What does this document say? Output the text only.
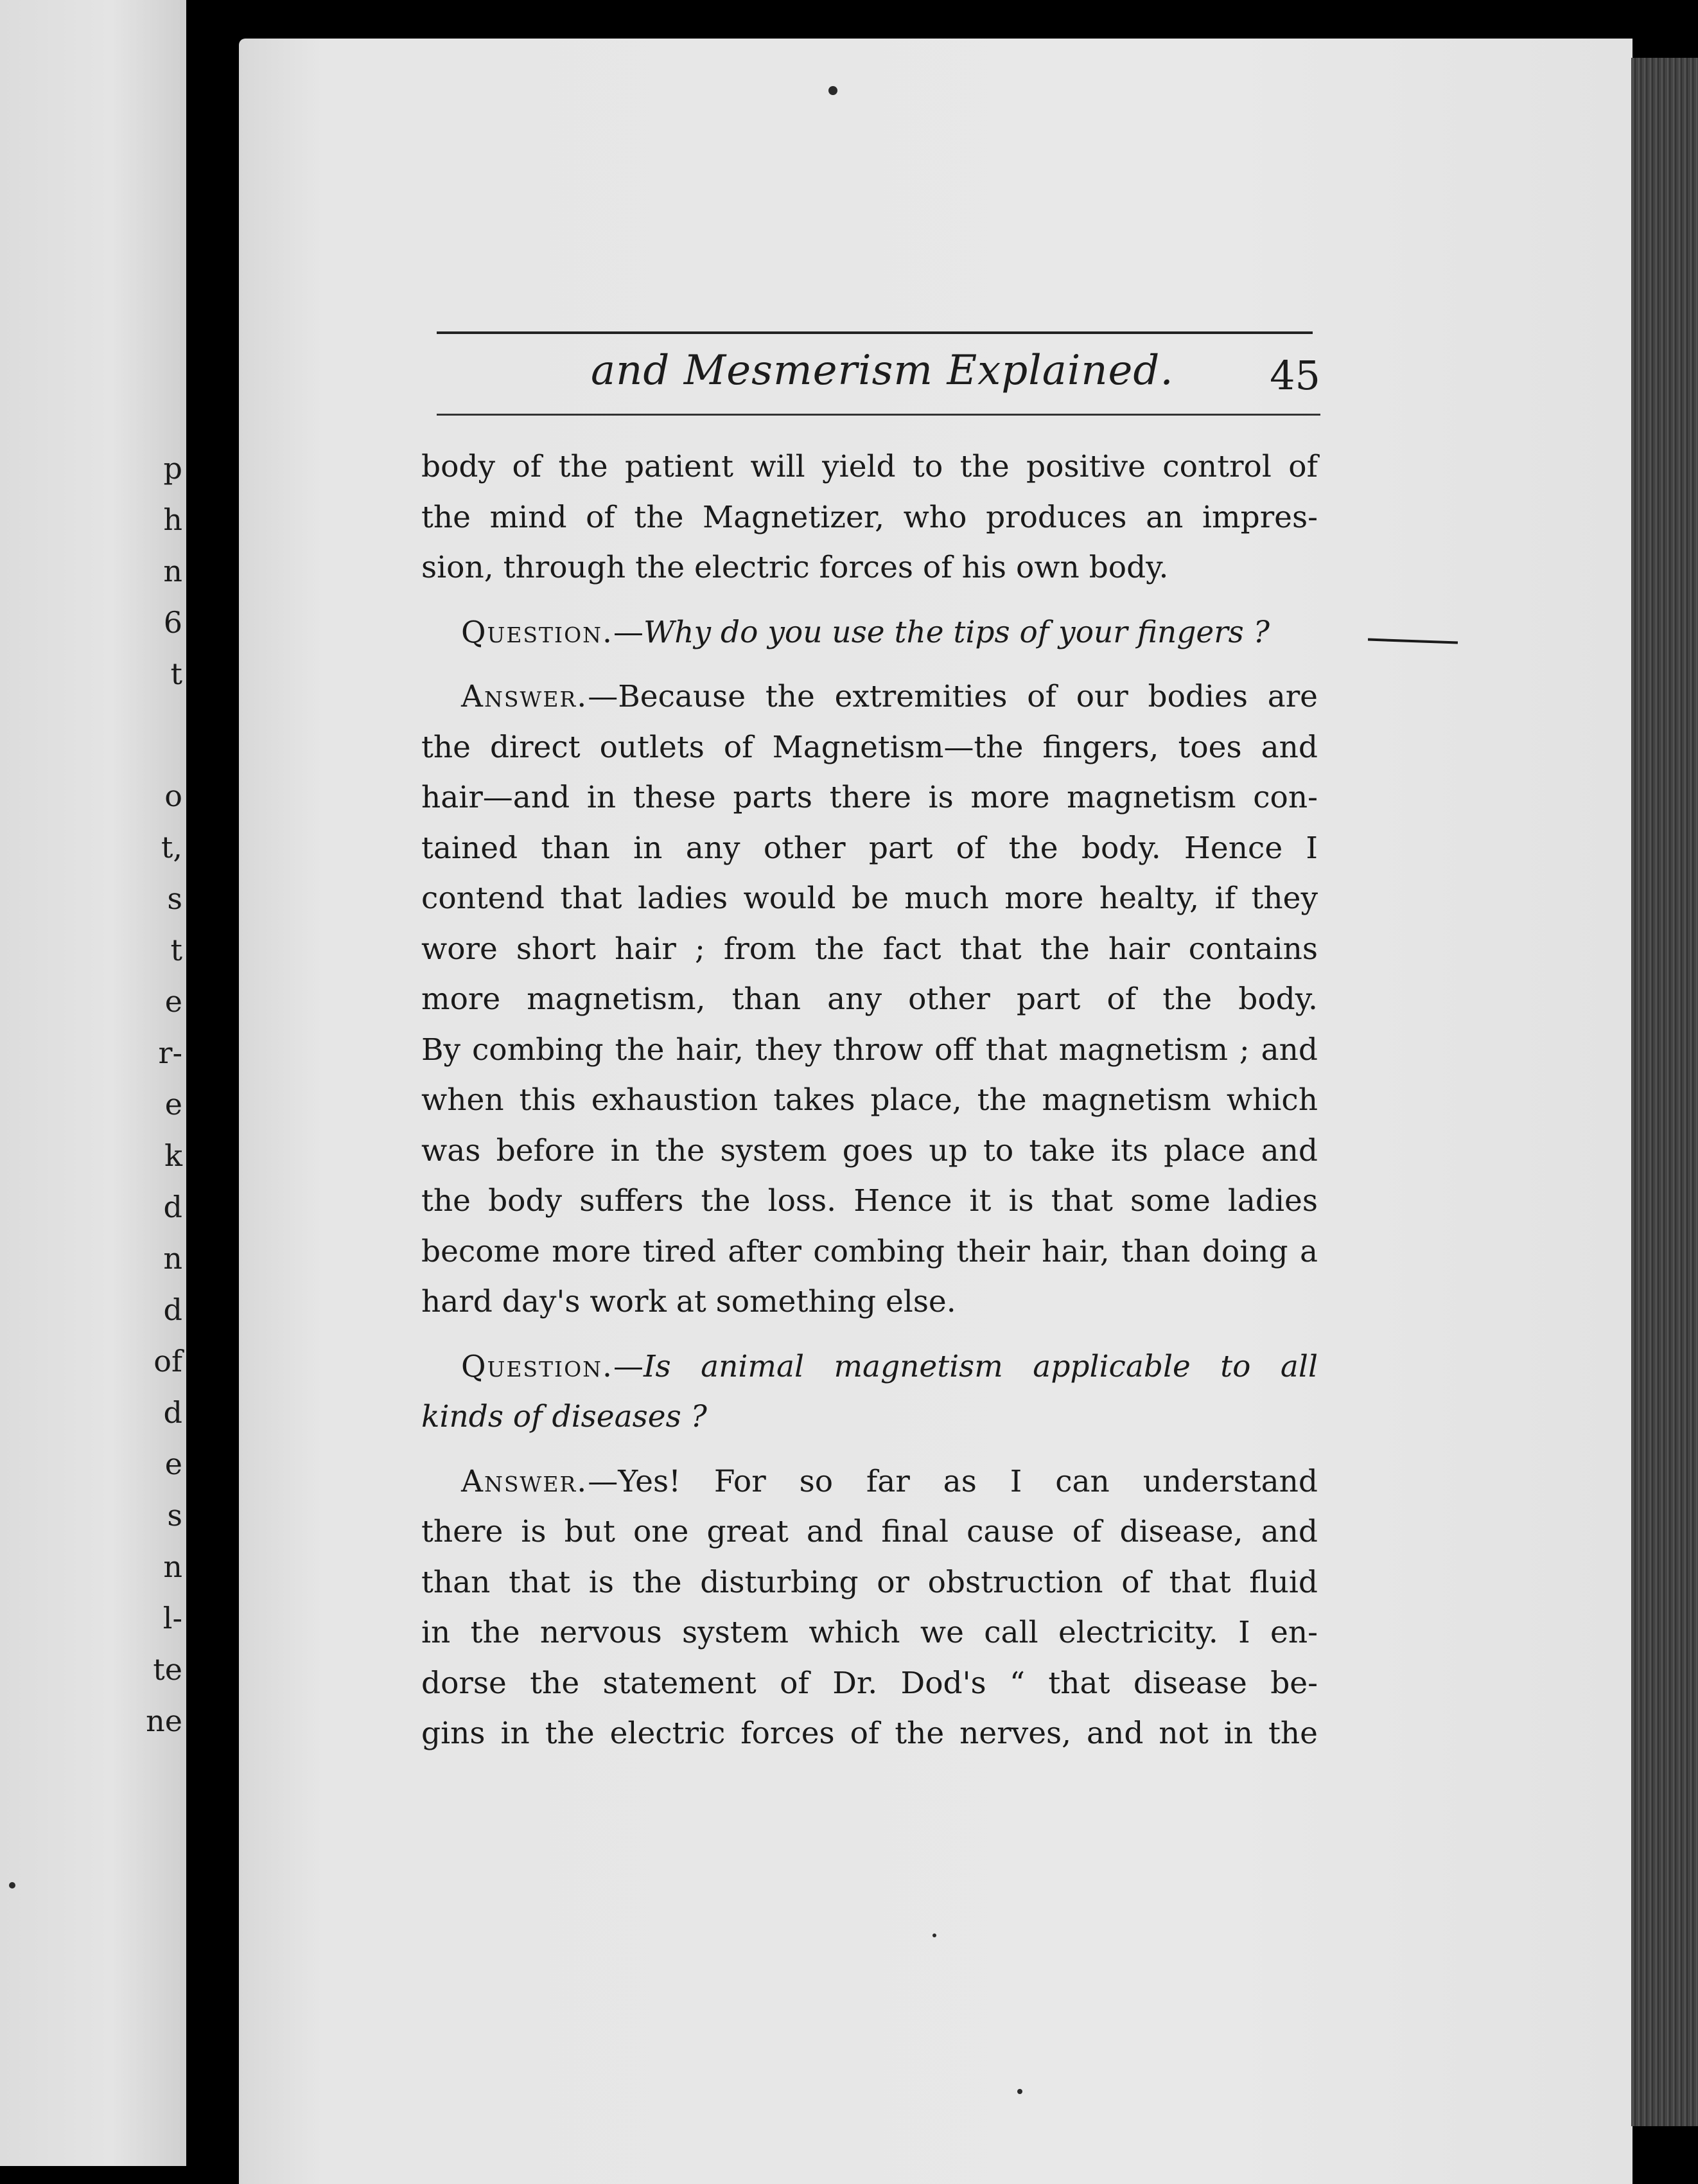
p
h
n
6
t
o
t,
s
t
e
r-
e
k
d
n
d
of
d
e
s
n
l-
te
ne
and Mesmerism Explained. 45

body of the patient will yield to the positive control of

the mind of the Magnetizer, who produces an impres-

sion, through the electric forces of his own body.

Question.—Why do you use the tips of your fingers ?

Answer.—Because the extremities of our bodies are

the direct outlets of Magnetism—the fingers, toes and

hair—and in these parts there is more magnetism con-

tained than in any other part of the body. Hence I

contend that ladies would be much more healty, if they

wore short hair ; from the fact that the hair contains

more magnetism, than any other part of the body.

By combing the hair, they throw off that magnetism ; and

when this exhaustion takes place, the magnetism which

was before in the system goes up to take its place and

the body suffers the loss. Hence it is that some ladies

become more tired after combing their hair, than doing a

hard day's work at something else.

Question.—Is animal magnetism applicable to all

kinds of diseases ?

Answer.—Yes! For so far as I can understand

there is but one great and final cause of disease, and

than that is the disturbing or obstruction of that fluid

in the nervous system which we call electricity. I en-

dorse the statement of Dr. Dod's “ that disease be-

gins in the electric forces of the nerves, and not in the
